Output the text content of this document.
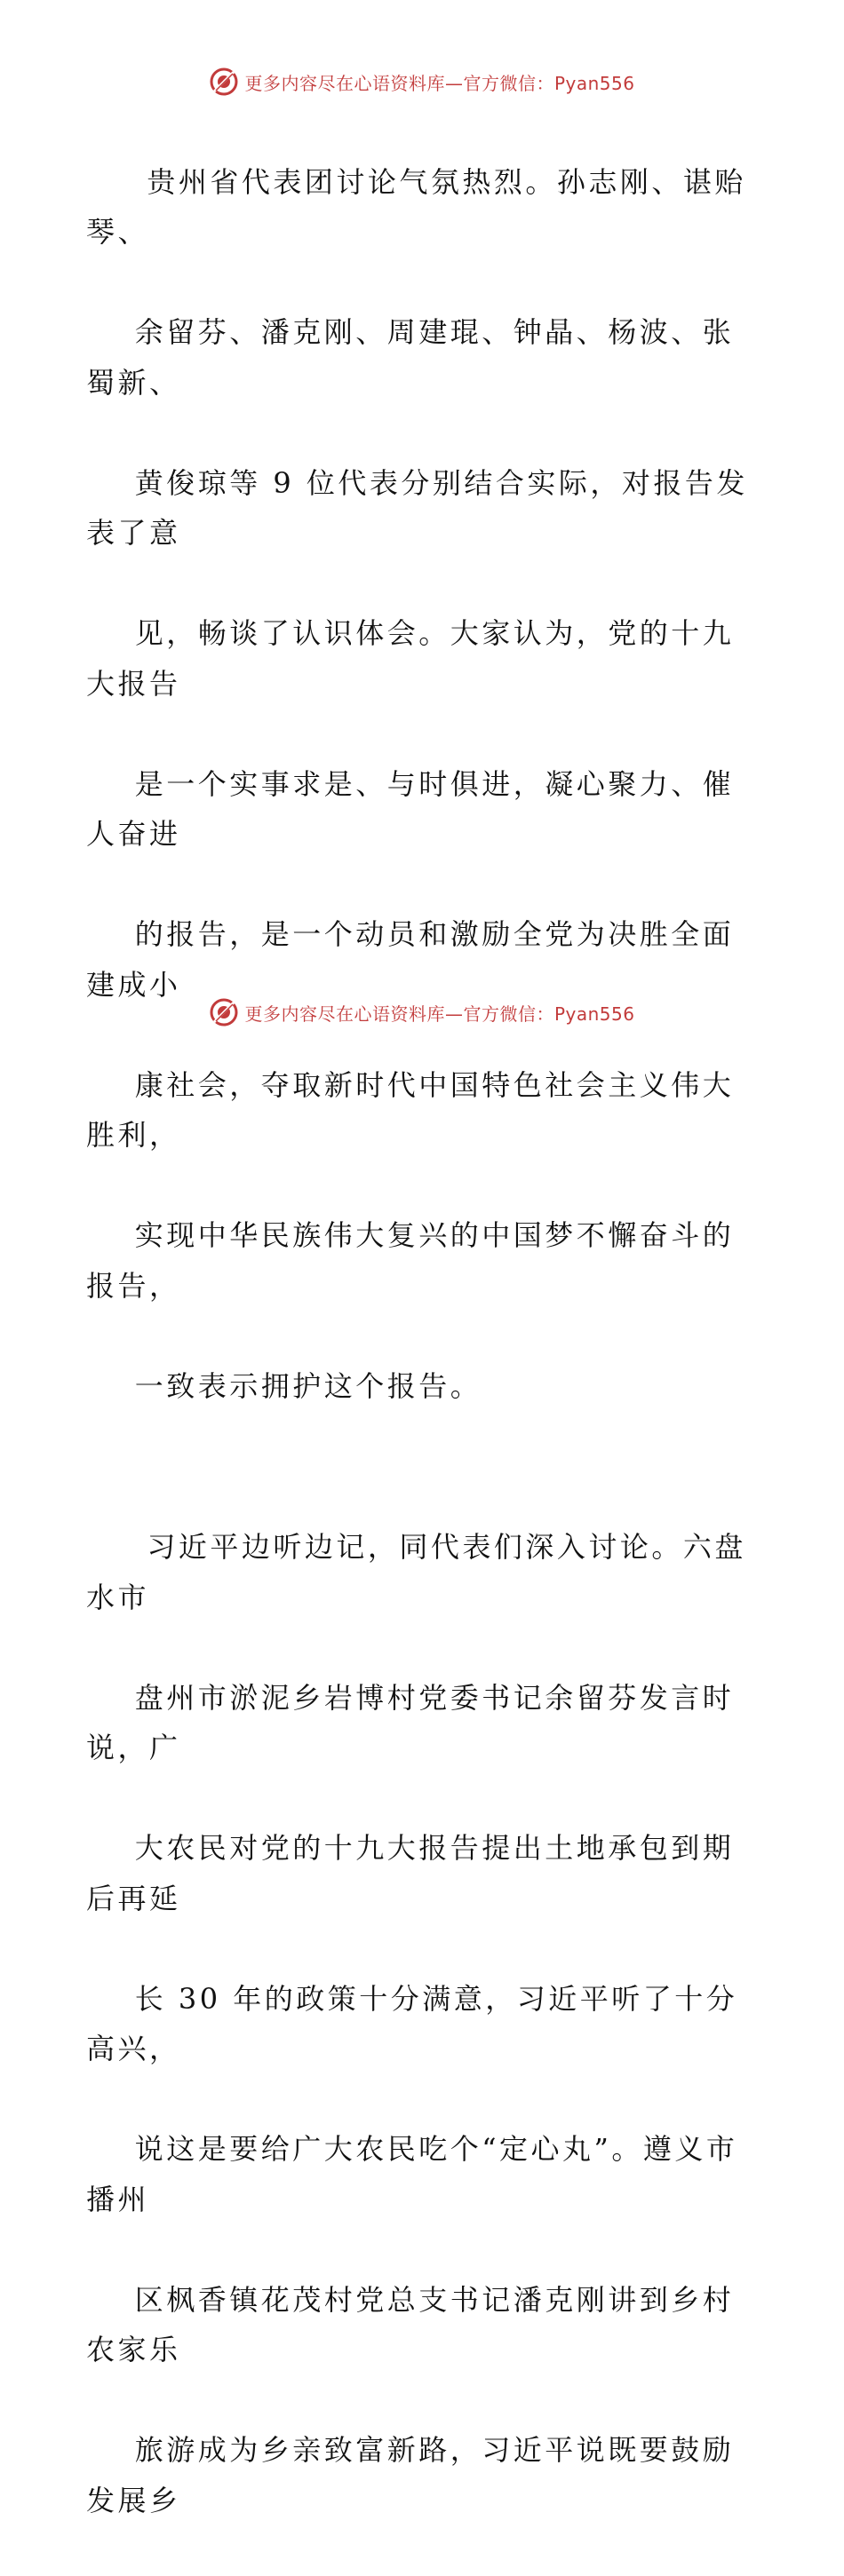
更多内容尽在心语资料库—官方微信：Pyan556

贵州省代表团讨论气氛热烈。孙志刚、谌贻琴、

余留芬、潘克刚、周建琨、钟晶、杨波、张蜀新、

黄俊琼等 9 位代表分别结合实际，对报告发表了意

见，畅谈了认识体会。大家认为，党的十九大报告

是一个实事求是、与时俱进，凝心聚力、催人奋进

的报告，是一个动员和激励全党为决胜全面建成小

康社会，夺取新时代中国特色社会主义伟大胜利，

实现中华民族伟大复兴的中国梦不懈奋斗的报告，

一致表示拥护这个报告。

习近平边听边记，同代表们深入讨论。六盘水市

盘州市淤泥乡岩博村党委书记余留芬发言时说，广

大农民对党的十九大报告提出土地承包到期后再延

长 30 年的政策十分满意，习近平听了十分高兴，

说这是要给广大农民吃个“定心丸”。遵义市播州

区枫香镇花茂村党总支书记潘克刚讲到乡村农家乐

旅游成为乡亲致富新路，习近平说既要鼓励发展乡

更多内容尽在心语资料库—官方微信：Pyan556
